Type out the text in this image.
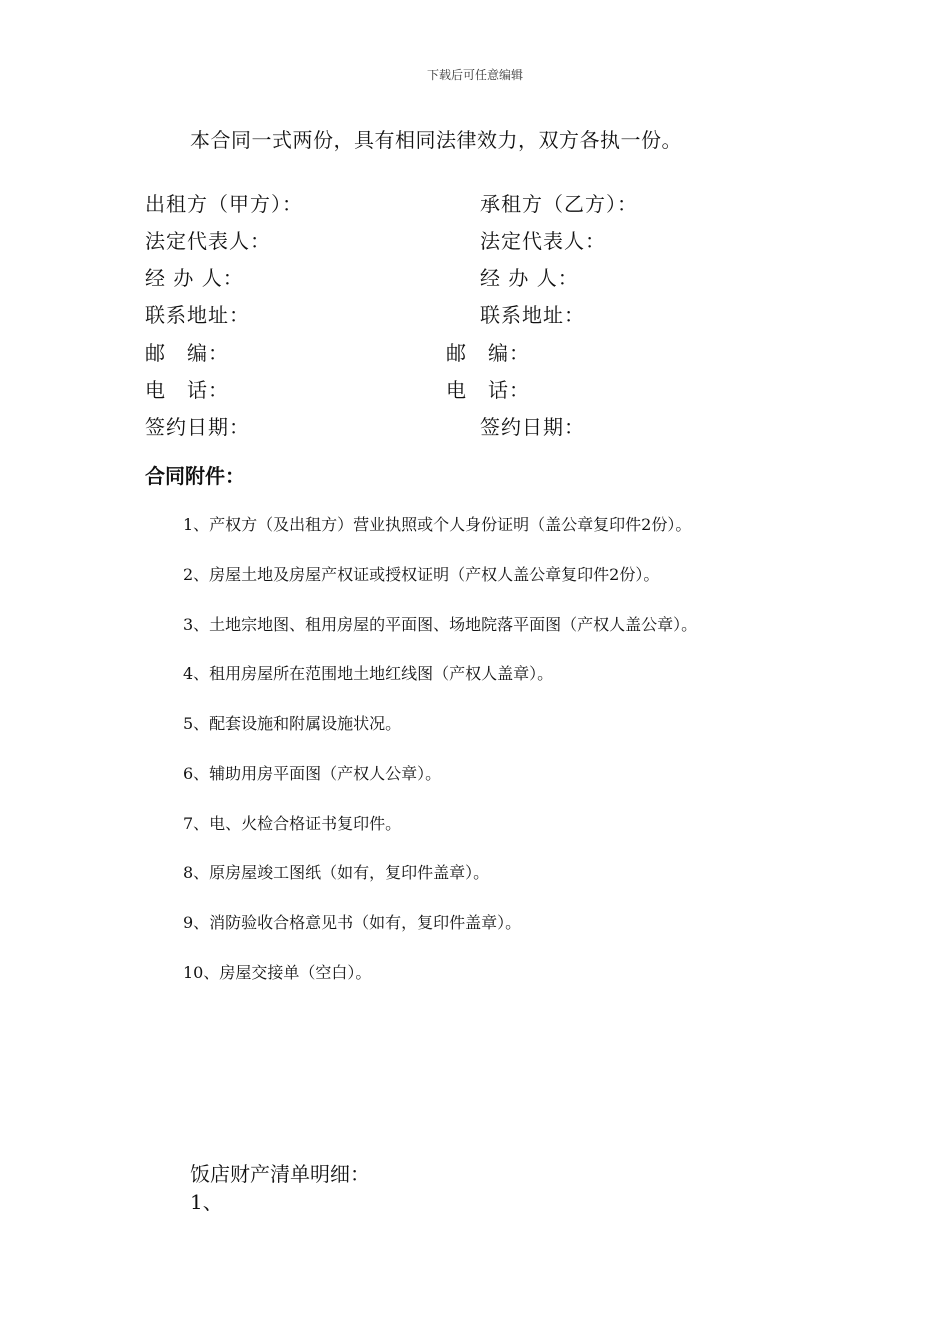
下载后可任意编辑
本合同一式两份，具有相同法律效力，双方各执一份。
出租方（甲方）：
法定代表人：
经 办 人：
联系地址：
邮　编：
电　话：
签约日期：
承租方（乙方）：
法定代表人：
经 办 人：
联系地址：
邮　编：
电　话：
签约日期：
合同附件：
1、产权方（及出租方）营业执照或个人身份证明（盖公章复印件2份）。
2、房屋土地及房屋产权证或授权证明（产权人盖公章复印件2份）。
3、土地宗地图、租用房屋的平面图、场地院落平面图（产权人盖公章）。
4、租用房屋所在范围地土地红线图（产权人盖章）。
5、配套设施和附属设施状况。
6、辅助用房平面图（产权人公章）。
7、电、火检合格证书复印件。
8、原房屋竣工图纸（如有，复印件盖章）。
9、消防验收合格意见书（如有，复印件盖章）。
10、房屋交接单（空白）。
饭店财产清单明细：
1、
